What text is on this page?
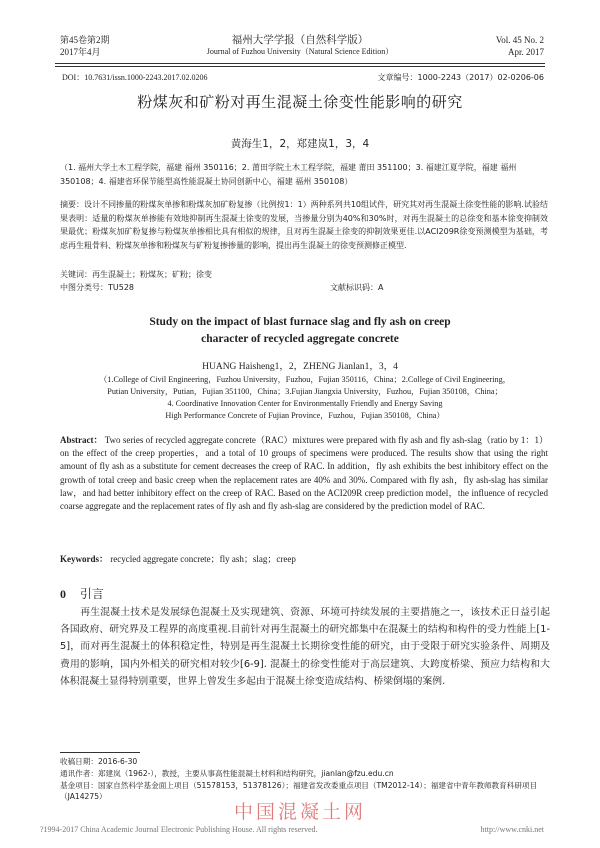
第45卷第2期
2017年4月
福州大学学报（自然科学版）
Journal of Fuzhou University（Natural Science Edition）
Vol. 45 No. 2
Apr. 2017
DOI：10.7631/issn.1000-2243.2017.02.0206	文章编号：1000-2243（2017）02-0206-06
粉煤灰和矿粉对再生混凝土徐变性能影响的研究
黄海生1，2，郑建岚1，3，4
（1. 福州大学土木工程学院，福建 福州 350116；2. 莆田学院土木工程学院，福建 莆田 351100；3. 福建江夏学院，福建 福州 350108；4. 福建省环保节能型高性能混凝土协同创新中心，福建 福州 350108）
摘要：设计不同掺量的粉煤灰单掺和粉煤灰加矿粉复掺（比例按1：1）两种系列共10组试件，研究其对再生混凝土徐变性能的影响.试验结果表明：适量的粉煤灰单掺能有效地抑制再生混凝土徐变的发展，当掺量分别为40%和30%时，对再生混凝土的总徐变和基本徐变抑制效果最优；粉煤灰加矿粉复掺与粉煤灰单掺相比具有相似的规律，且对再生混凝土徐变的抑制效果更佳.以ACI209R徐变预测模型为基础，考虑再生粗骨料、粉煤灰单掺和粉煤灰与矿粉复掺掺量的影响，提出再生混凝土的徐变预测修正模型.
关键词：再生混凝土；粉煤灰；矿粉；徐变
中图分类号：TU528	文献标识码：A
Study on the impact of blast furnace slag and fly ash on creep
character of recycled aggregate concrete
HUANG Haisheng1，2，ZHENG Jianlan1，3，4
（1.College of Civil Engineering，Fuzhou University，Fuzhou，Fujian 350116，China；2.College of Civil Engineering，
Putian University，Putian，Fujian 351100，China；3.Fujian Jiangxia University，Fuzhou，Fujian 350108，China；
4. Coordinative Innovation Center for Environmentally Friendly and Energy Saving
High Performance Concrete of Fujian Province，Fuzhou，Fujian 350108，China）
Abstract： Two series of recycled aggregate concrete（RAC）mixtures were prepared with fly ash and fly ash-slag（ratio by 1：1）on the effect of the creep properties，and a total of 10 groups of specimens were produced. The results show that using the right amount of fly ash as a substitute for cement decreases the creep of RAC. In addition，fly ash exhibits the best inhibitory effect on the growth of total creep and basic creep when the replacement rates are 40% and 30%. Compared with fly ash，fly ash-slag has similar law，and had better inhibitory effect on the creep of RAC. Based on the ACI209R creep prediction model，the influence of recycled coarse aggregate and the replacement rates of fly ash and fly ash-slag are considered by the prediction model of RAC.
Keywords： recycled aggregate concrete；fly ash；slag；creep
0 引言
再生混凝土技术是发展绿色混凝土及实现建筑、资源、环境可持续发展的主要措施之一，该技术正日益引起各国政府、研究界及工程界的高度重视.目前针对再生混凝土的研究都集中在混凝土的结构和构件的受力性能上[1-5]，而对再生混凝土的体积稳定性，特别是再生混凝土长期徐变性能的研究，由于受限于研究实验条件、周期及费用的影响，国内外相关的研究相对较少[6-9]. 混凝土的徐变性能对于高层建筑、大跨度桥梁、预应力结构和大体积混凝土显得特别重要，世界上曾发生多起由于混凝土徐变造成结构、桥梁倒塌的案例.
收稿日期：2016-6-30
通讯作者：郑建岚（1962-），教授，主要从事高性能混凝土材料和结构研究，jianlan@fzu.edu.cn
基金项目：国家自然科学基金面上项目（51578153，51378126）；福建省发改委重点项目（TM2012-14）；福建省中青年教师教育科研项目（JA14275）
中国混凝土网
?1994-2017 China Academic Journal Electronic Publishing House. All rights reserved.	http://www.cnki.net
